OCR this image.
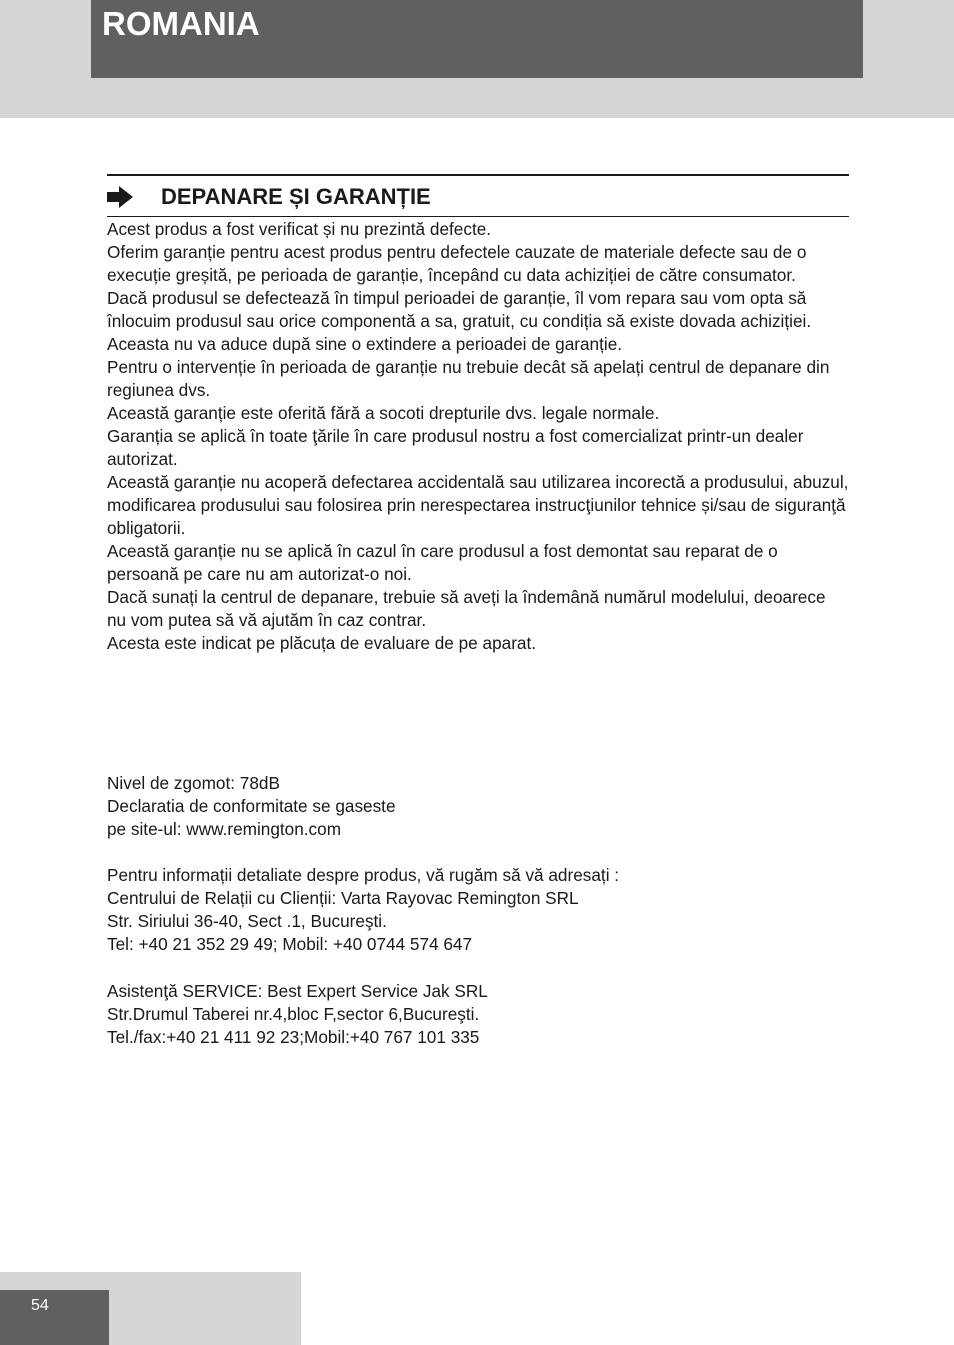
ROMANIA
DEPANARE ȘI GARANȚIE

Acest produs a fost verificat și nu prezintă defecte.

Oferim garanție pentru acest produs pentru defectele cauzate de materiale defecte sau de o execuție greșită, pe perioada de garanție, începând cu data achiziției de către consumator.

Dacă produsul se defectează în timpul perioadei de garanție, îl vom repara sau vom opta să înlocuim produsul sau orice componentă a sa, gratuit, cu condiția să existe dovada achiziției.

Aceasta nu va aduce după sine o extindere a perioadei de garanție.

Pentru o intervenție în perioada de garanție nu trebuie decât să apelați centrul de depanare din regiunea dvs.

Această garanție este oferită fără a socoti drepturile dvs. legale normale.

Garanția se aplică în toate ţările în care produsul nostru a fost comercializat printr-un dealer autorizat.

Această garanție nu acoperă defectarea accidentală sau utilizarea incorectă a produsului, abuzul, modificarea produsului sau folosirea prin nerespectarea instrucţiunilor tehnice și/sau de siguranţă obligatorii.

Această garanție nu se aplică în cazul în care produsul a fost demontat sau reparat de o persoană pe care nu am autorizat-o noi.

Dacă sunați la centrul de depanare, trebuie să aveți la îndemână numărul modelului, deoarece nu vom putea să vă ajutăm în caz contrar.

Acesta este indicat pe plăcuța de evaluare de pe aparat.

Nivel de zgomot: 78dB

Declaratia de conformitate se gaseste

pe site-ul: www.remington.com

Pentru informații detaliate despre produs, vă rugăm să vă adresați :

Centrului de Relații cu Clienții: Varta Rayovac Remington SRL

Str. Siriului 36-40, Sect .1, Bucureşti.

Tel: +40 21 352 29 49; Mobil: +40 0744 574 647

Asistenţă SERVICE: Best Expert Service Jak SRL

Str.Drumul Taberei nr.4,bloc F,sector 6,Bucureşti.

Tel./fax:+40 21 411 92 23;Mobil:+40 767 101 335

54
